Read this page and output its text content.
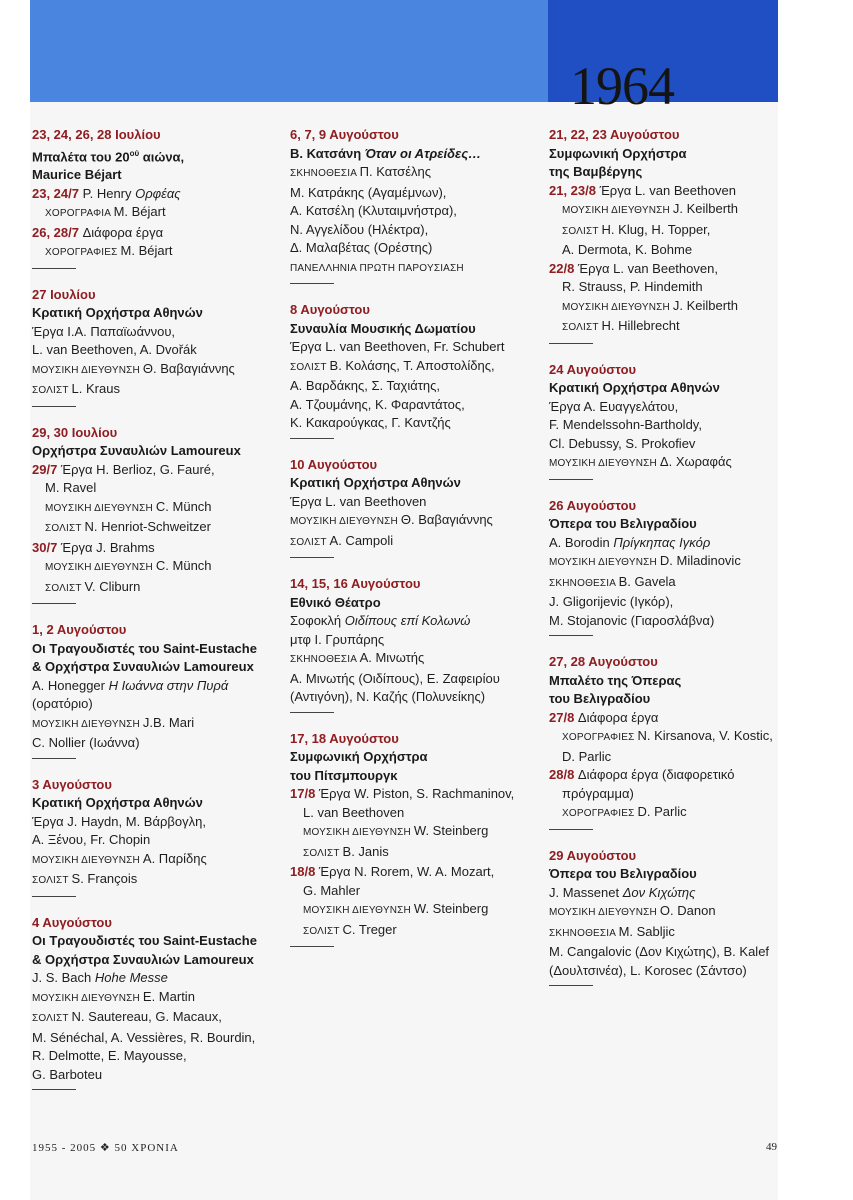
1964
23, 24, 26, 28 Ιουλίου
Μπαλέτα του $20^{oύ}$ αιώνα,
Maurice Béjart
23, 24/7 P. Henry Ορφέας
ΧΟΡΟΓΡΑΦΙΑ M. Béjart
26, 28/7 Διάφορα έργα
ΧΟΡΟΓΡΑΦΙΕΣ M. Béjart
27 Ιουλίου
Κρατική Ορχήστρα Αθηνών
Έργα Ι.Α. Παπαϊωάννου,
L. van Beethoven, A. Dvořák
ΜΟΥΣΙΚΗ ΔΙΕΥΘΥΝΣΗ Θ. Βαβαγιάννης
ΣΟΛΙΣΤ L. Kraus
29, 30 Ιουλίου
Ορχήστρα Συναυλιών Lamoureux
29/7 Έργα H. Berlioz, G. Fauré,
M. Ravel
ΜΟΥΣΙΚΗ ΔΙΕΥΘΥΝΣΗ C. Münch
ΣΟΛΙΣΤ N. Henriot-Schweitzer
30/7 Έργα J. Brahms
ΜΟΥΣΙΚΗ ΔΙΕΥΘΥΝΣΗ C. Münch
ΣΟΛΙΣΤ V. Cliburn
1, 2 Αυγούστου
Οι Τραγουδιστές του Saint-Eustache
& Ορχήστρα Συναυλιών Lamoureux
A. Honegger Η Ιωάννα στην Πυρά
(ορατόριο)
ΜΟΥΣΙΚΗ ΔΙΕΥΘΥΝΣΗ J.B. Mari
C. Nollier (Ιωάννα)
3 Αυγούστου
Κρατική Ορχήστρα Αθηνών
Έργα J. Haydn, Μ. Βάρβογλη,
Α. Ξένου, Fr. Chopin
ΜΟΥΣΙΚΗ ΔΙΕΥΘΥΝΣΗ Α. Παρίδης
ΣΟΛΙΣΤ S. François
4 Αυγούστου
Οι Τραγουδιστές του Saint-Eustache
& Ορχήστρα Συναυλιών Lamoureux
J. S. Bach Hohe Messe
ΜΟΥΣΙΚΗ ΔΙΕΥΘΥΝΣΗ E. Martin
ΣΟΛΙΣΤ N. Sautereau, G. Macaux,
M. Sénéchal, A. Vessières, R. Bourdin,
R. Delmotte, E. Mayousse,
G. Barboteu
6, 7, 9 Αυγούστου
Β. Κατσάνη Όταν οι Ατρείδες…
ΣΚΗΝΟΘΕΣΙΑ Π. Κατσέλης
Μ. Κατράκης (Αγαμέμνων),
Α. Κατσέλη (Κλυταιμνήστρα),
Ν. Αγγελίδου (Ηλέκτρα),
Δ. Μαλαβέτας (Ορέστης)
ΠΑΝΕΛΛΗΝΙΑ ΠΡΩΤΗ ΠΑΡΟΥΣΙΑΣΗ
8 Αυγούστου
Συναυλία Μουσικής Δωματίου
Έργα L. van Beethoven, Fr. Schubert
ΣΟΛΙΣΤ Β. Κολάσης, Τ. Αποστολίδης,
Α. Βαρδάκης, Σ. Ταχιάτης,
Α. Τζουμάνης, Κ. Φαραντάτος,
Κ. Κακαρούγκας, Γ. Καντζής
10 Αυγούστου
Κρατική Ορχήστρα Αθηνών
Έργα L. van Beethoven
ΜΟΥΣΙΚΗ ΔΙΕΥΘΥΝΣΗ Θ. Βαβαγιάννης
ΣΟΛΙΣΤ A. Campoli
14, 15, 16 Αυγούστου
Εθνικό Θέατρο
Σοφοκλή Οιδίπους επί Κολωνώ
μτφ Ι. Γρυπάρης
ΣΚΗΝΟΘΕΣΙΑ Α. Μινωτής
Α. Μινωτής (Οιδίπους), Ε. Ζαφειρίου
(Αντιγόνη), Ν. Καζής (Πολυνείκης)
17, 18 Αυγούστου
Συμφωνική Ορχήστρα
του Πίτσμπουργκ
17/8 Έργα W. Piston, S. Rachmaninov,
L. van Beethoven
ΜΟΥΣΙΚΗ ΔΙΕΥΘΥΝΣΗ W. Steinberg
ΣΟΛΙΣΤ B. Janis
18/8 Έργα N. Rorem, W. A. Mozart,
G. Mahler
ΜΟΥΣΙΚΗ ΔΙΕΥΘΥΝΣΗ W. Steinberg
ΣΟΛΙΣΤ C. Treger
21, 22, 23 Αυγούστου
Συμφωνική Ορχήστρα
της Βαμβέργης
21, 23/8 Έργα L. van Beethoven
ΜΟΥΣΙΚΗ ΔΙΕΥΘΥΝΣΗ J. Keilberth
ΣΟΛΙΣΤ H. Klug, H. Topper,
A. Dermota, K. Bohme
22/8 Έργα L. van Beethoven,
R. Strauss, P. Hindemith
ΜΟΥΣΙΚΗ ΔΙΕΥΘΥΝΣΗ J. Keilberth
ΣΟΛΙΣΤ H. Hillebrecht
24 Αυγούστου
Κρατική Ορχήστρα Αθηνών
Έργα Α. Ευαγγελάτου,
F. Mendelssohn-Bartholdy,
Cl. Debussy, S. Prokofiev
ΜΟΥΣΙΚΗ ΔΙΕΥΘΥΝΣΗ Δ. Χωραφάς
26 Αυγούστου
Όπερα του Βελιγραδίου
A. Borodin Πρίγκηπας Ιγκόρ
ΜΟΥΣΙΚΗ ΔΙΕΥΘΥΝΣΗ D. Miladinovic
ΣΚΗΝΟΘΕΣΙΑ B. Gavela
J. Gligorijevic (Ιγκόρ),
M. Stojanovic (Γιαροσλάβνα)
27, 28 Αυγούστου
Μπαλέτο της Όπερας
του Βελιγραδίου
27/8 Διάφορα έργα
ΧΟΡΟΓΡΑΦΙΕΣ N. Kirsanova, V. Kostic,
D. Parlic
28/8 Διάφορα έργα (διαφορετικό
πρόγραμμα)
ΧΟΡΟΓΡΑΦΙΕΣ D. Parlic
29 Αυγούστου
Όπερα του Βελιγραδίου
J. Massenet Δον Κιχώτης
ΜΟΥΣΙΚΗ ΔΙΕΥΘΥΝΣΗ O. Danon
ΣΚΗΝΟΘΕΣΙΑ M. Sabljic
M. Cangalovic (Δον Κιχώτης), B. Kalef
(Δουλτσινέα), L. Korosec (Σάντσο)
1955 - 2005 ❖ 50 ΧΡΟΝΙΑ	49
